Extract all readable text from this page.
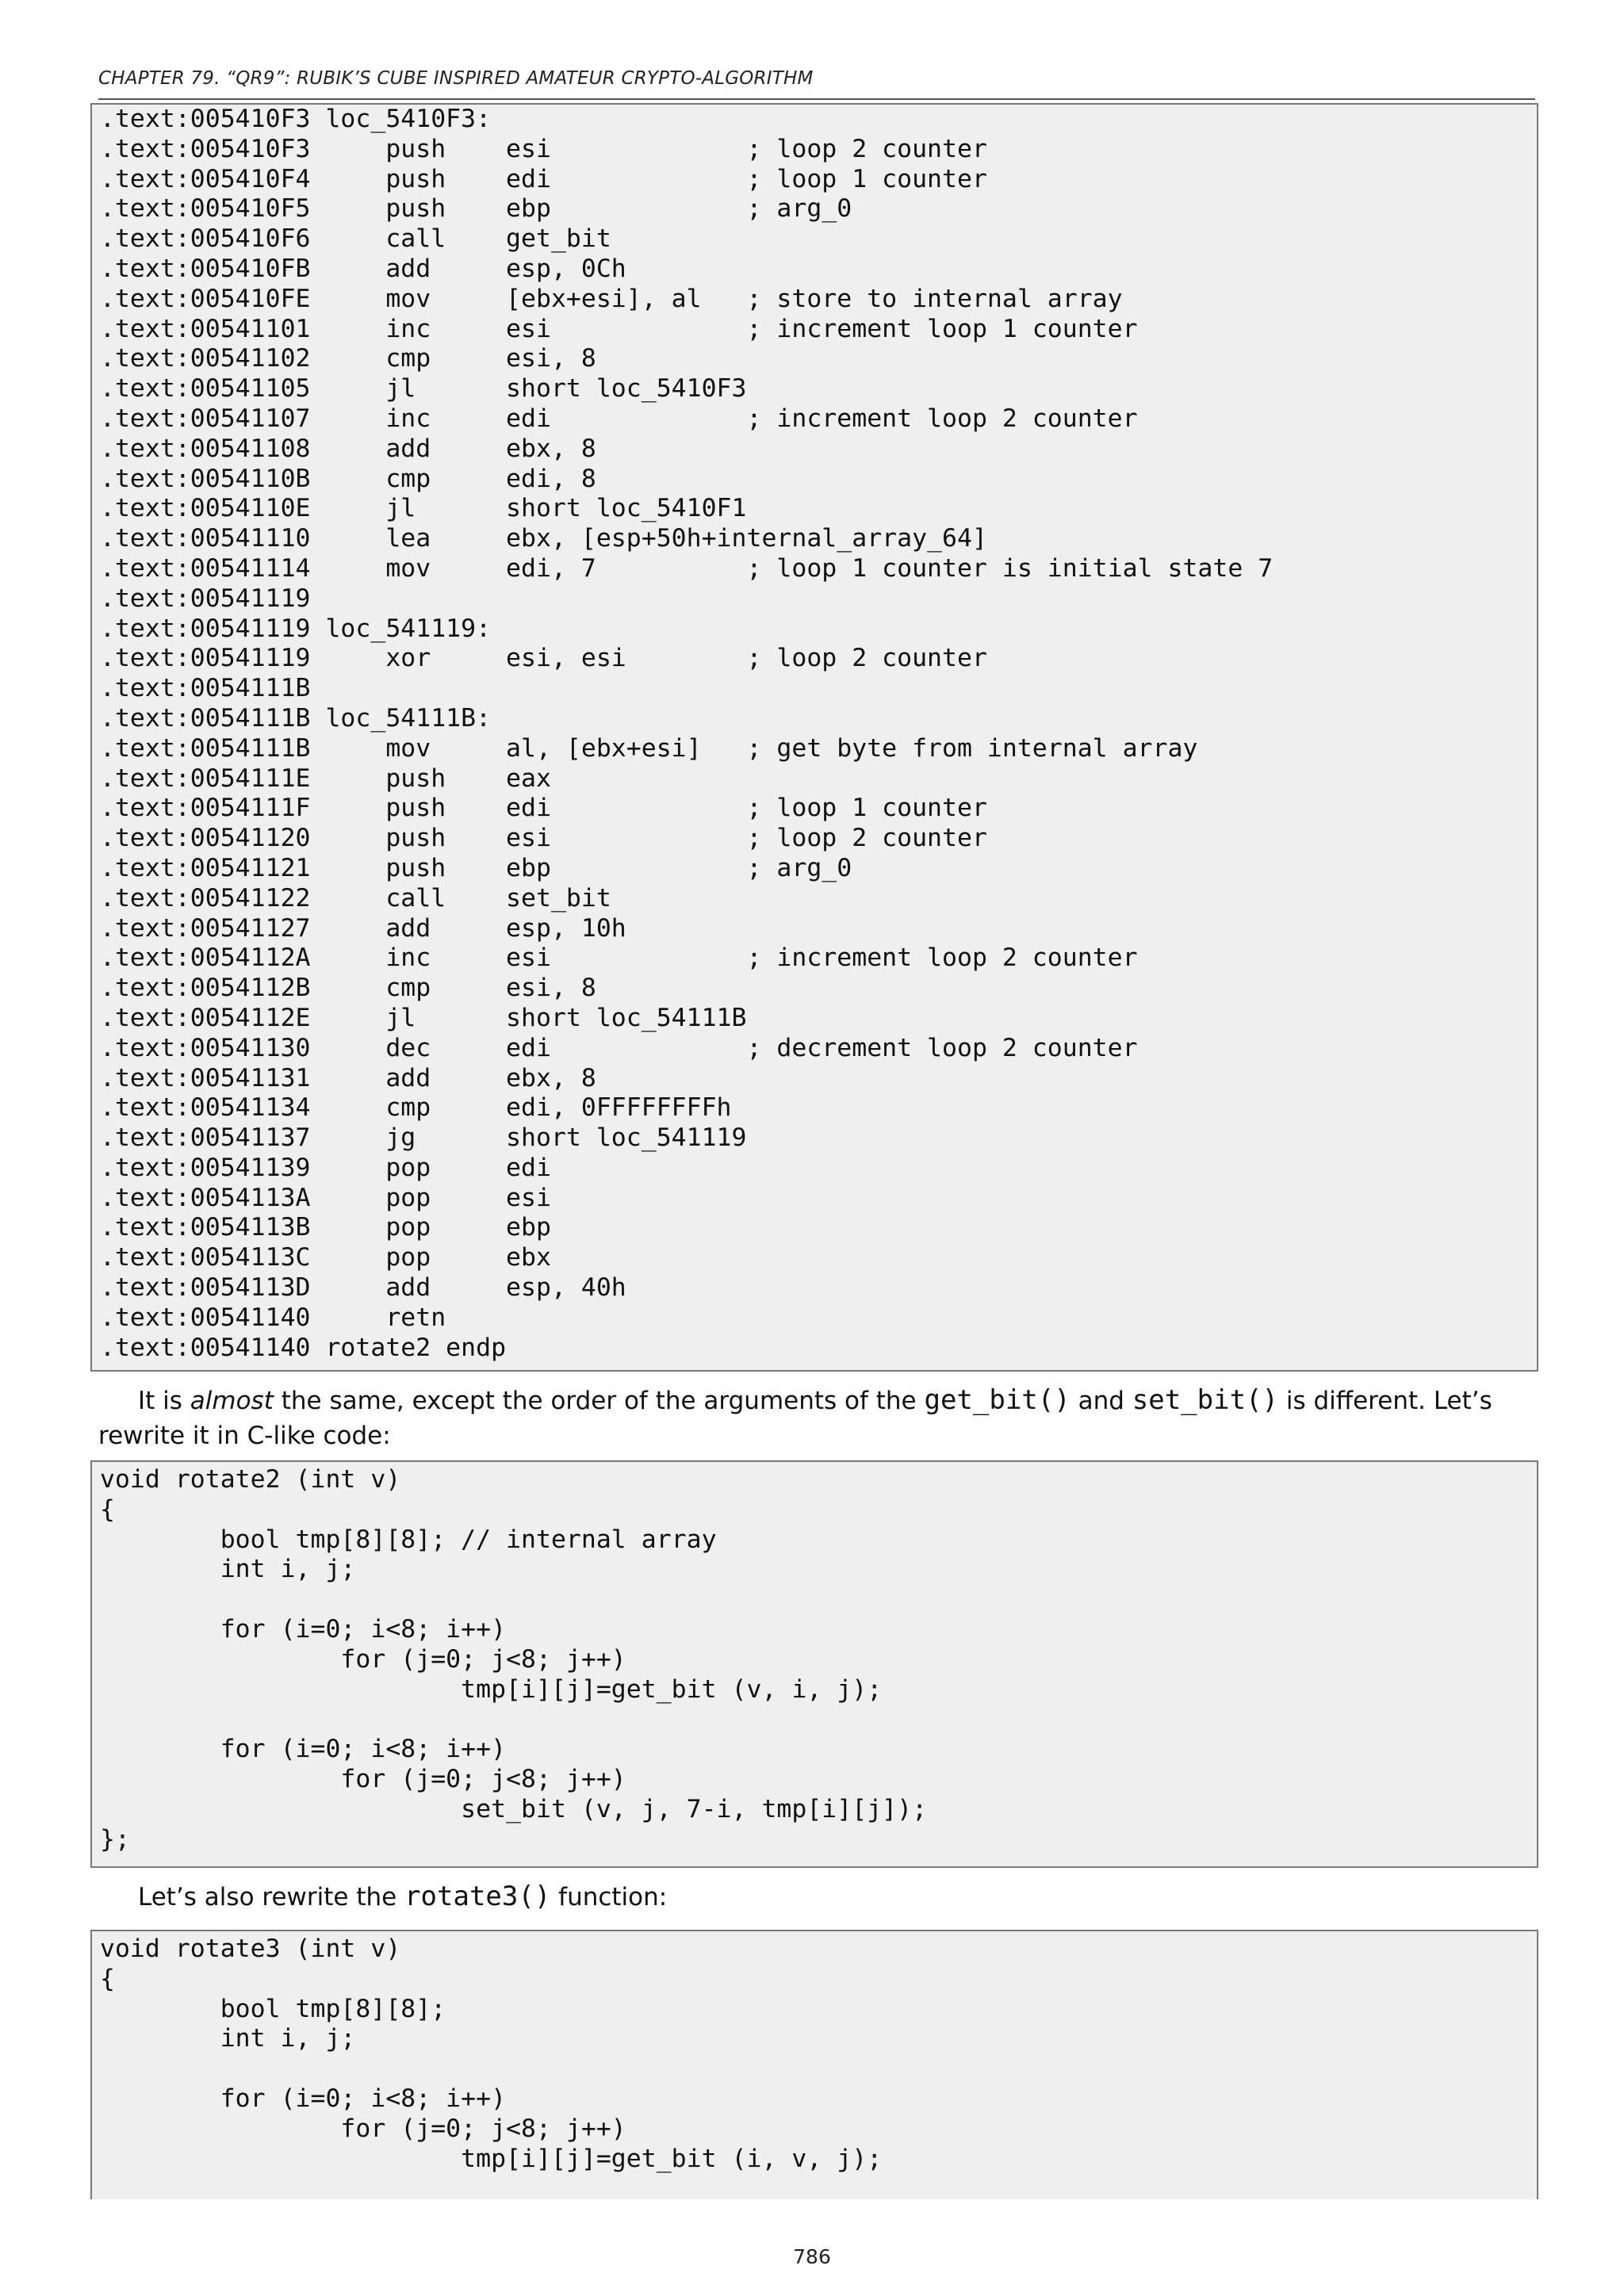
CHAPTER 79. “QR9”: RUBIK’S CUBE INSPIRED AMATEUR CRYPTO-ALGORITHM
.text:005410F3 loc_5410F3:
.text:005410F3     push    esi             ; loop 2 counter
.text:005410F4     push    edi             ; loop 1 counter
.text:005410F5     push    ebp             ; arg_0
.text:005410F6     call    get_bit
.text:005410FB     add     esp, 0Ch
.text:005410FE     mov     [ebx+esi], al   ; store to internal array
.text:00541101     inc     esi             ; increment loop 1 counter
.text:00541102     cmp     esi, 8
.text:00541105     jl      short loc_5410F3
.text:00541107     inc     edi             ; increment loop 2 counter
.text:00541108     add     ebx, 8
.text:0054110B     cmp     edi, 8
.text:0054110E     jl      short loc_5410F1
.text:00541110     lea     ebx, [esp+50h+internal_array_64]
.text:00541114     mov     edi, 7          ; loop 1 counter is initial state 7
.text:00541119
.text:00541119 loc_541119:
.text:00541119     xor     esi, esi        ; loop 2 counter
.text:0054111B
.text:0054111B loc_54111B:
.text:0054111B     mov     al, [ebx+esi]   ; get byte from internal array
.text:0054111E     push    eax
.text:0054111F     push    edi             ; loop 1 counter
.text:00541120     push    esi             ; loop 2 counter
.text:00541121     push    ebp             ; arg_0
.text:00541122     call    set_bit
.text:00541127     add     esp, 10h
.text:0054112A     inc     esi             ; increment loop 2 counter
.text:0054112B     cmp     esi, 8
.text:0054112E     jl      short loc_54111B
.text:00541130     dec     edi             ; decrement loop 2 counter
.text:00541131     add     ebx, 8
.text:00541134     cmp     edi, 0FFFFFFFFh
.text:00541137     jg      short loc_541119
.text:00541139     pop     edi
.text:0054113A     pop     esi
.text:0054113B     pop     ebp
.text:0054113C     pop     ebx
.text:0054113D     add     esp, 40h
.text:00541140     retn
.text:00541140 rotate2 endp
It is almost the same, except the order of the arguments of the get_bit() and set_bit() is different. Let’s rewrite it in C-like code:
void rotate2 (int v)
{
bool tmp[8][8]; // internal array
int i, j;
for (i=0; i<8; i++)
for (j=0; j<8; j++)
tmp[i][j]=get_bit (v, i, j);
for (i=0; i<8; i++)
for (j=0; j<8; j++)
set_bit (v, j, 7-i, tmp[i][j]);
};
Let’s also rewrite the rotate3() function:
void rotate3 (int v)
{
bool tmp[8][8];
int i, j;
for (i=0; i<8; i++)
for (j=0; j<8; j++)
tmp[i][j]=get_bit (i, v, j);
786
